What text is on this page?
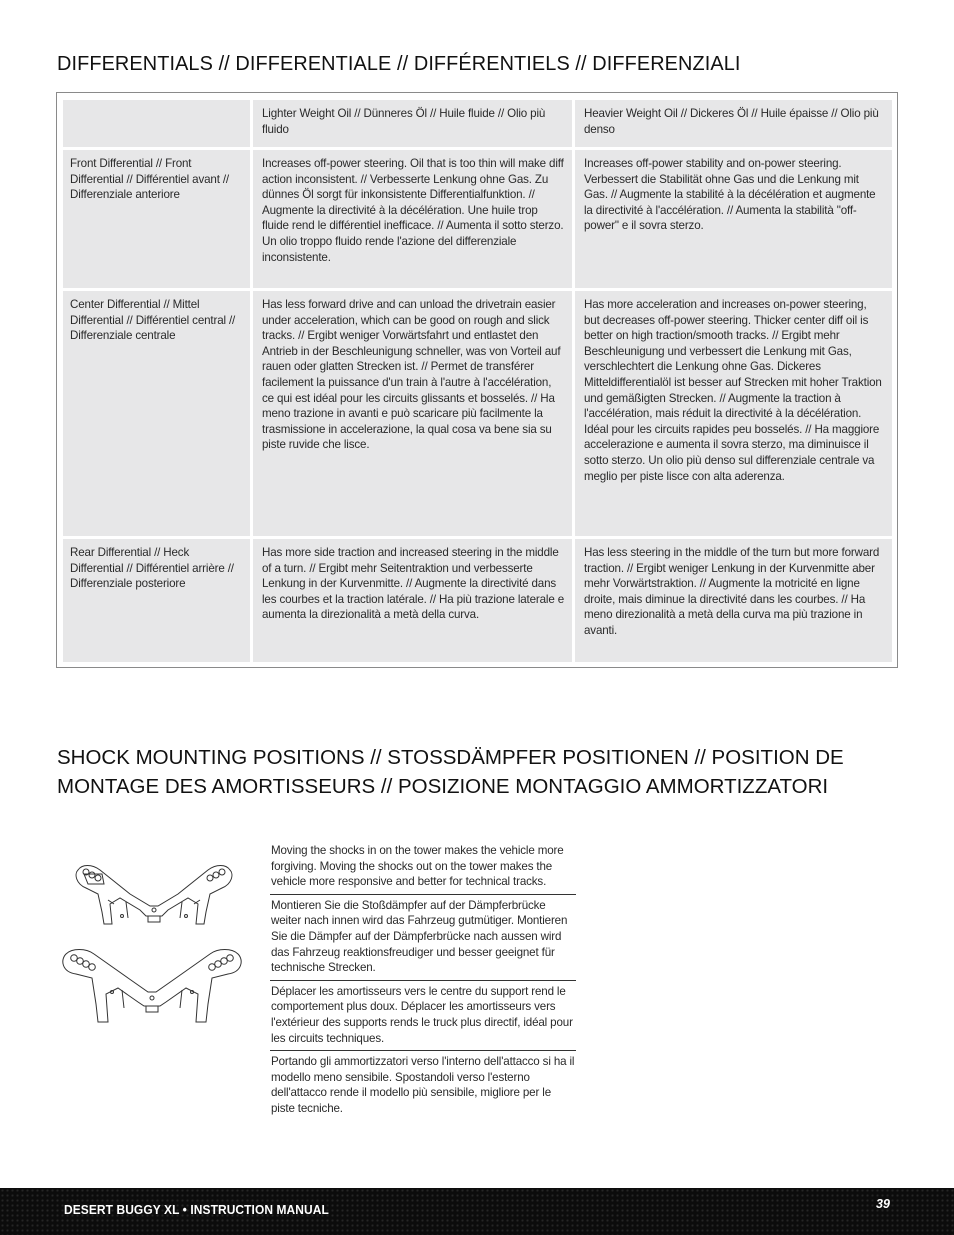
DIFFERENTIALS // DIFFERENTIALE // DIFFÉRENTIELS // DIFFERENZIALI
Lighter Weight Oil // Dünneres Öl // Huile fluide // Olio più fluido
Heavier Weight Oil // Dickeres Öl // Huile épaisse // Olio più denso
Front Differential // Front Differential // Différentiel avant // Differenziale anteriore
Increases off-power steering. Oil that is too thin will make diff action inconsistent. // Verbesserte Lenkung ohne Gas. Zu dünnes Öl sorgt für inkonsistente Differentialfunktion. // Augmente la directivité à la décélération. Une huile trop fluide rend le différentiel inefficace. // Aumenta il sotto sterzo. Un olio troppo fluido rende l'azione del differenziale inconsistente.
Increases off-power stability and on-power steering. Verbessert die Stabilität ohne Gas und die Lenkung mit Gas. // Augmente la stabilité à la décélération et augmente la directivité à l'accélération. // Aumenta la stabilità "off-power" e il sovra sterzo.
Center Differential // Mittel Differential // Différentiel central // Differenziale centrale
Has less forward drive and can unload the drivetrain easier under acceleration, which can be good on rough and slick tracks. // Ergibt weniger Vorwärtsfahrt und entlastet den Antrieb in der Beschleunigung schneller, was von Vorteil auf rauen oder glatten Strecken ist. // Permet de transférer facilement la puissance d'un train à l'autre à l'accélération, ce qui est idéal pour les circuits glissants et bosselés. // Ha meno trazione in avanti e può scaricare più facilmente la trasmissione in accelerazione, la qual cosa va bene sia su piste ruvide che lisce.
Has more acceleration and increases on-power steering, but decreases off-power steering. Thicker center diff oil is better on high traction/smooth tracks. // Ergibt mehr Beschleunigung und verbessert die Lenkung mit Gas, verschlechtert die Lenkung ohne Gas. Dickeres Mitteldifferentialöl ist besser auf Strecken mit hoher Traktion und gemäßigten Strecken. // Augmente la traction à l'accélération, mais réduit la directivité à la décélération. Idéal pour les circuits rapides peu bosselés. // Ha maggiore accelerazione e aumenta il sovra sterzo, ma diminuisce il sotto sterzo. Un olio più denso sul differenziale centrale va meglio per piste lisce con alta aderenza.
Rear Differential // Heck Differential // Différentiel arrière // Differenziale posteriore
Has more side traction and increased steering in the middle of a turn. // Ergibt mehr Seitentraktion und verbesserte Lenkung in der Kurvenmitte. // Augmente la directivité dans les courbes et la traction latérale. // Ha più trazione laterale e aumenta la direzionalità a metà della curva.
Has less steering in the middle of the turn but more forward traction. // Ergibt weniger Lenkung in der Kurvenmitte aber mehr Vorwärtstraktion. // Augmente la motricité en ligne droite, mais diminue la directivité dans les courbes. // Ha meno direzionalità a metà della curva ma più trazione in avanti.
SHOCK MOUNTING POSITIONS // STOSSDÄMPFER POSITIONEN // POSITION DE MONTAGE DES AMORTISSEURS // POSIZIONE MONTAGGIO AMMORTIZZATORI
Moving the shocks in on the tower makes the vehicle more forgiving. Moving the shocks out on the tower makes the vehicle more responsive and better for technical tracks.
Montieren Sie die Stoßdämpfer auf der Dämpferbrücke weiter nach innen wird das Fahrzeug gutmütiger. Montieren Sie die Dämpfer auf der Dämpferbrücke nach aussen wird das Fahrzeug reaktionsfreudiger und besser geeignet für technische Strecken.
Déplacer les amortisseurs vers le centre du support rend le comportement plus doux. Déplacer les amortisseurs vers l'extérieur des supports rends le truck plus directif, idéal pour les circuits techniques.
Portando gli ammortizzatori verso l'interno dell'attacco si ha il modello meno sensibile. Spostandoli verso l'esterno dell'attacco rende il modello più sensibile, migliore per le piste tecniche.
DESERT BUGGY XL • INSTRUCTION MANUAL	39
